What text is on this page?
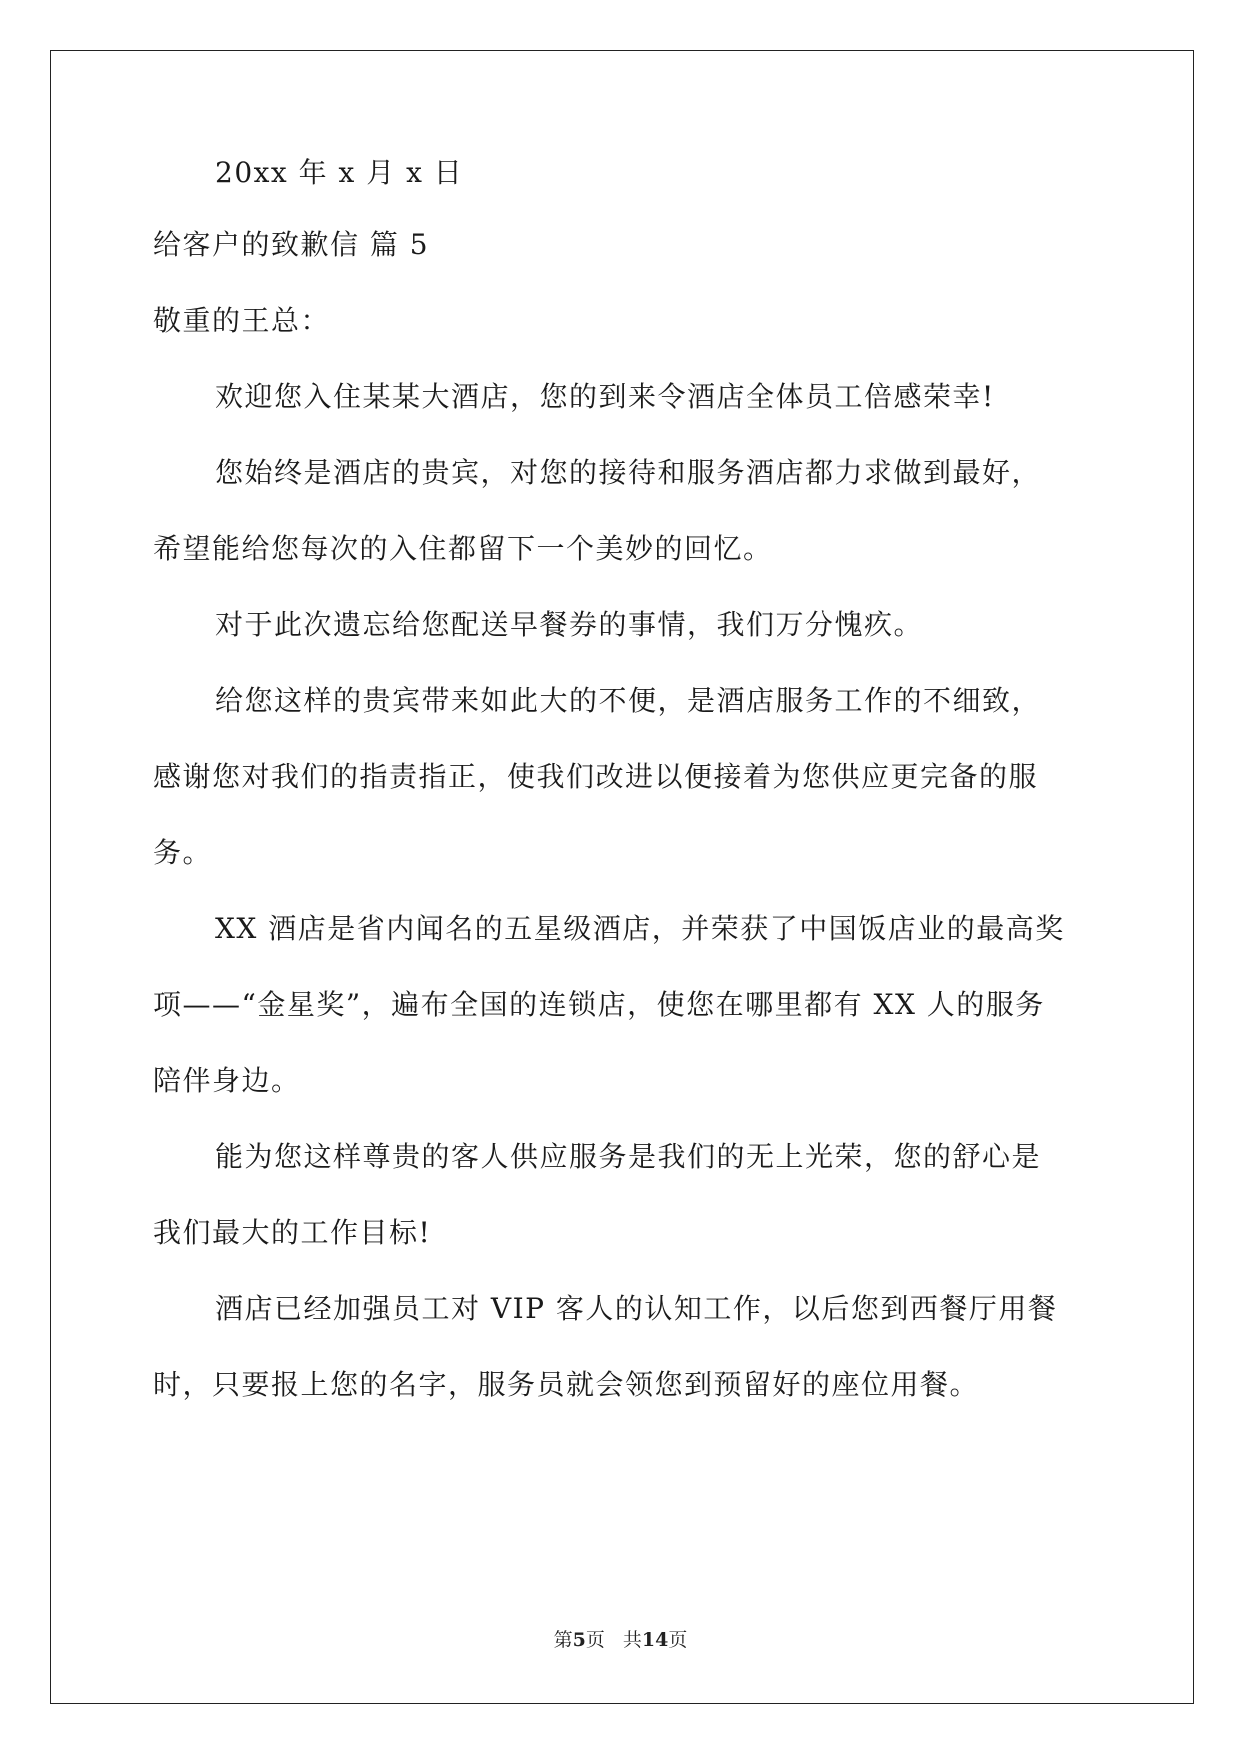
20xx 年 x 月 x 日
给客户的致歉信 篇 5
敬重的王总：
欢迎您入住某某大酒店，您的到来令酒店全体员工倍感荣幸!
您始终是酒店的贵宾，对您的接待和服务酒店都力求做到最好，
希望能给您每次的入住都留下一个美妙的回忆。
对于此次遗忘给您配送早餐券的事情，我们万分愧疚。
给您这样的贵宾带来如此大的不便，是酒店服务工作的不细致，
感谢您对我们的指责指正，使我们改进以便接着为您供应更完备的服
务。
XX 酒店是省内闻名的五星级酒店，并荣获了中国饭店业的最高奖
项——“金星奖”，遍布全国的连锁店，使您在哪里都有 XX 人的服务
陪伴身边。
能为您这样尊贵的客人供应服务是我们的无上光荣，您的舒心是
我们最大的工作目标!
酒店已经加强员工对 VIP 客人的认知工作，以后您到西餐厅用餐
时，只要报上您的名字，服务员就会领您到预留好的座位用餐。
第5页 共14页
